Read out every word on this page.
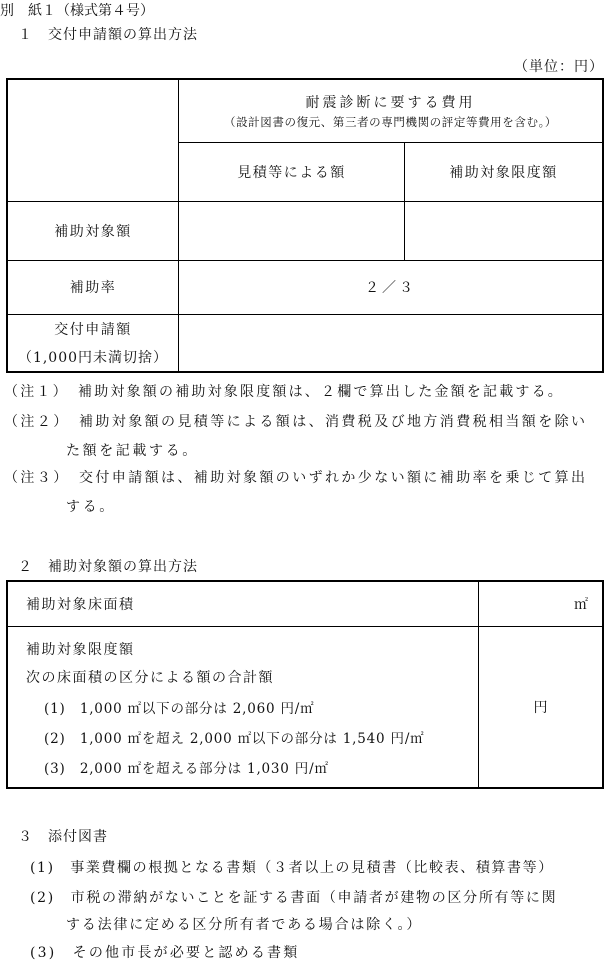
別　紙１（様式第４号）
１　交付申請額の算出方法
（単位：円）

	耐震診断に要する費用
（設計図書の復元、第三者の専門機関の評定等費用を含む。）	

	見積等による額	補助対象限度額
補助対象額		
補助率	２／３	

交付申請額
（1,000円未満切捨）		

（注１）　補助対象額の補助対象限度額は、２欄で算出した金額を記載する。
（注２）　補助対象額の見積等による額は、消費税及び地方消費税相当額を除い
た額を記載する。
（注３）　交付申請額は、補助対象額のいずれか少ない額に補助率を乗じて算出
する。
２　補助対象額の算出方法
補助対象床面積	㎡

補助対象限度額
次の床面積の区分による額の合計額
(1)　1,000 ㎡以下の部分は 2,060 円/㎡
(2)　1,000 ㎡を超え 2,000 ㎡以下の部分は 1,540 円/㎡
(3)　2,000 ㎡を超える部分は 1,030 円/㎡	円
３　添付図書
(1)　事業費欄の根拠となる書類（３者以上の見積書（比較表、積算書等）
(2)　市税の滞納がないことを証する書面（申請者が建物の区分所有等に関
する法律に定める区分所有者である場合は除く。）
(3)　その他市長が必要と認める書類
